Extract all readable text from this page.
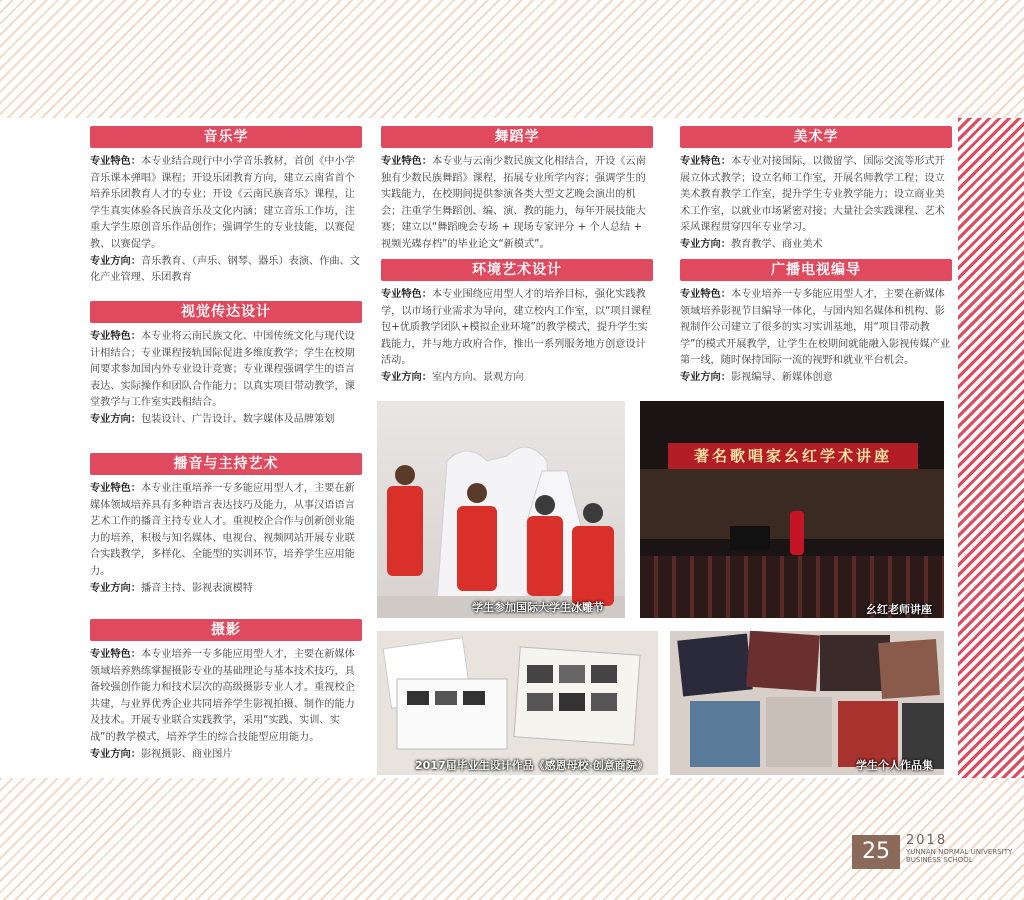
音乐学
专业特色：本专业结合现行中小学音乐教材，首创《中小学音乐课本弹唱》课程；开设乐团教育方向，建立云南省首个培养乐团教育人才的专业；开设《云南民族音乐》课程，让学生真实体验各民族音乐及文化内涵；建立音乐工作坊，注重大学生原创音乐作品创作；强调学生的专业技能，以赛促教、以赛促学。
专业方向：音乐教育、（声乐、钢琴、器乐）表演、作曲、文化产业管理、乐团教育
视觉传达设计
专业特色：本专业将云南民族文化、中国传统文化与现代设计相结合；专业课程接轨国际促进多维度教学；学生在校期间要求参加国内外专业设计竞赛；专业课程强调学生的语言表达、实际操作和团队合作能力；以真实项目带动教学，课堂教学与工作室实践相结合。
专业方向：包装设计、广告设计、数字媒体及品牌策划
播音与主持艺术
专业特色：本专业注重培养一专多能应用型人才，主要在新媒体领域培养具有多种语言表达技巧及能力，从事汉语语言艺术工作的播音主持专业人才。重视校企合作与创新创业能力的培养，积极与知名媒体、电视台、视频网站开展专业联合实践教学，多样化、全能型的实训环节，培养学生应用能力。
专业方向：播音主持、影视表演模特
摄影
专业特色：本专业培养一专多能应用型人才，主要在新媒体领域培养熟练掌握摄影专业的基础理论与基本技术技巧，具备较强创作能力和技术层次的高级摄影专业人才。重视校企共建，与业界优秀企业共同培养学生影视拍摄、制作的能力及技术。开展专业联合实践教学，采用“实践、实训、实战”的教学模式，培养学生的综合技能型应用能力。
专业方向：影视摄影、商业图片
舞蹈学
专业特色：本专业与云南少数民族文化相结合，开设《云南独有少数民族舞蹈》课程，拓展专业所学内容；强调学生的实践能力，在校期间提供参演各类大型文艺晚会演出的机会；注重学生舞蹈创、编、演、教的能力，每年开展技能大赛；建立以“舞蹈晚会专场 + 现场专家评分 + 个人总结 + 视频光碟存档”的毕业论文“新模式”。
环境艺术设计
专业特色：本专业围绕应用型人才的培养目标，强化实践教学，以市场行业需求为导向，建立校内工作室，以“项目课程包+优质教学团队+模拟企业环境”的教学模式，提升学生实践能力，并与地方政府合作，推出一系列服务地方创意设计活动。
专业方向：室内方向、景观方向
美术学
专业特色：本专业对接国际，以微留学、国际交流等形式开展立体式教学；设立名师工作室，开展名师教学工程；设立美术教育教学工作室，提升学生专业教学能力；设立商业美术工作室，以就业市场紧密对接；大量社会实践课程、艺术采风课程贯穿四年专业学习。
专业方向：教育教学、商业美术
广播电视编导
专业特色：本专业培养一专多能应用型人才，主要在新媒体领域培养影视节目编导一体化，与国内知名媒体和机构、影视制作公司建立了很多的实习实训基地，用“项目带动教学”的模式开展教学，让学生在校期间就能融入影视传媒产业第一线，随时保持国际一流的视野和就业平台机会。
专业方向：影视编导、新媒体创意
学生参加国际大学生冰雕节
著名歌唱家幺红学术讲座
幺红老师讲座
2017届毕业生设计作品《感恩母校·创意商院》	学生个人作品集
25	2018
YUNNAN NORMAL UNIVERSITY
BUSINESS SCHOOL
